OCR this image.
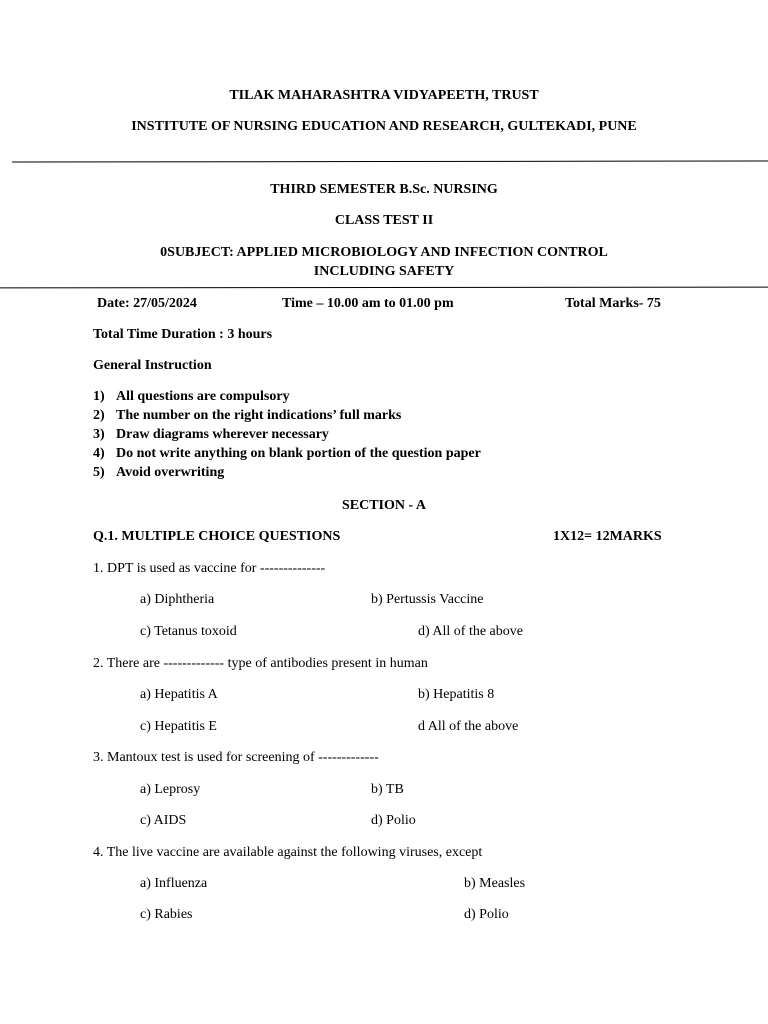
TILAK MAHARASHTRA VIDYAPEETH, TRUST
INSTITUTE OF NURSING EDUCATION AND RESEARCH, GULTEKADI, PUNE
THIRD SEMESTER B.Sc. NURSING
CLASS TEST II
0SUBJECT: APPLIED MICROBIOLOGY AND INFECTION CONTROL
INCLUDING SAFETY
Date: 27/05/2024	Time – 10.00 am to 01.00 pm	Total Marks- 75
Total Time Duration : 3 hours
General Instruction
1) All questions are compulsory
2) The number on the right indications’ full marks
3) Draw diagrams wherever necessary
4) Do not write anything on blank portion of the question paper
5) Avoid overwriting
SECTION - A
Q.1. MULTIPLE CHOICE QUESTIONS	1X12= 12MARKS
1. DPT is used as vaccine for --------------
a) Diphtheria	b) Pertussis Vaccine
c) Tetanus toxoid	d) All of the above
2. There are ------------- type of antibodies present in human
a) Hepatitis A	b) Hepatitis 8
c) Hepatitis E	d All of the above
3. Mantoux test is used for screening of -------------
a) Leprosy	b) TB
c) AIDS	d) Polio
4. The live vaccine are available against the following viruses, except
a) Influenza	b) Measles
c) Rabies	d) Polio
